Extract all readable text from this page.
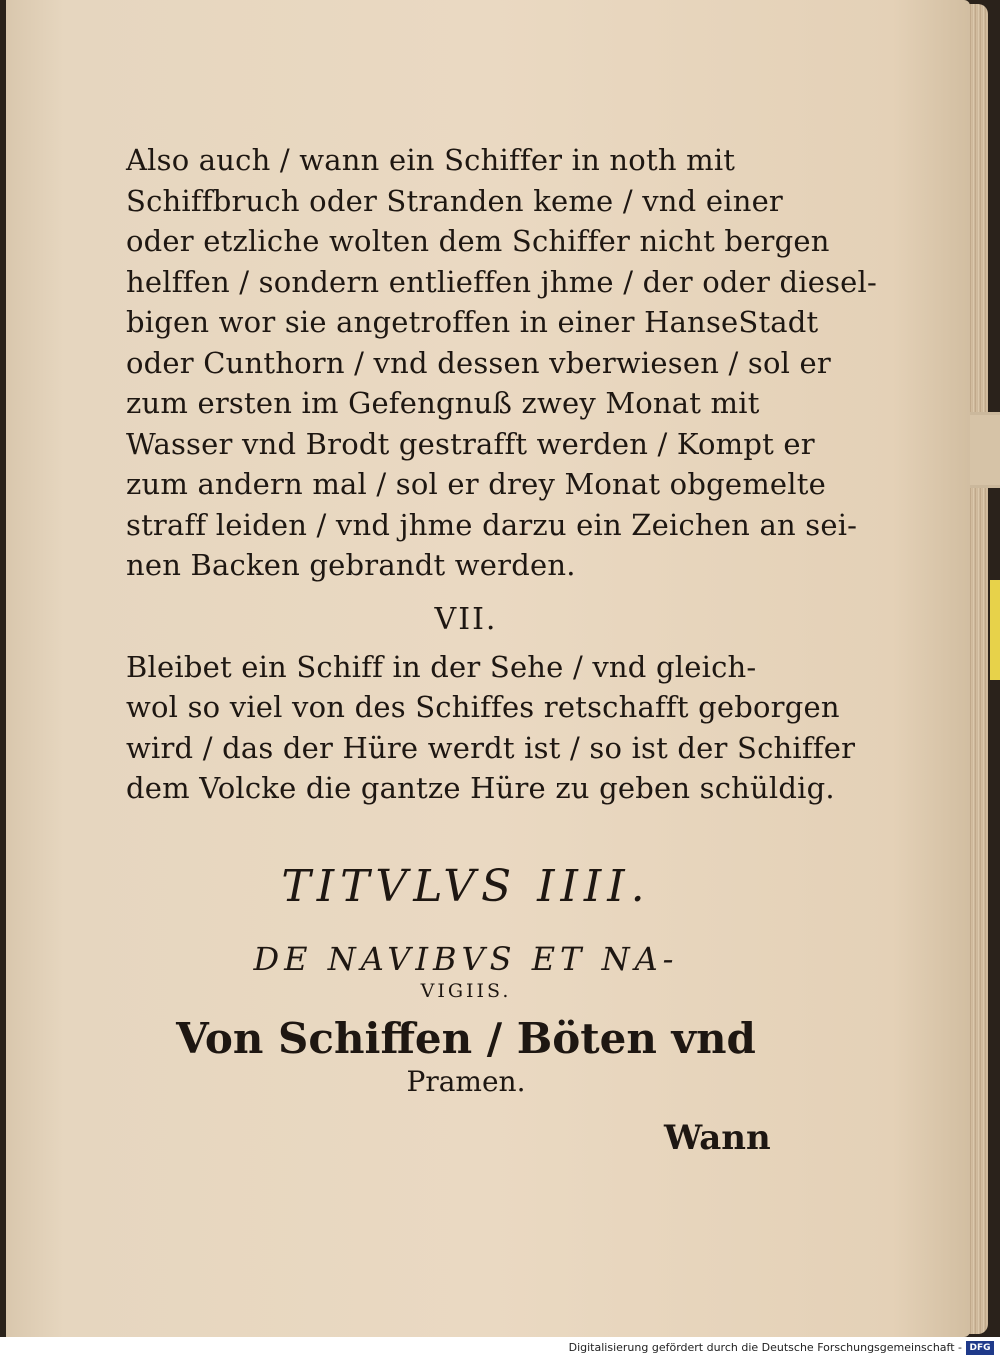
Also auch / wann ein Schiffer in noth mit
Schiffbruch oder Stranden keme / vnd einer
oder etzliche wolten dem Schiffer nicht bergen
helffen / sondern entlieffen jhme / der oder diesel-
bigen wor sie angetroffen in einer HanseStadt
oder Cunthorn / vnd dessen vberwiesen / sol er
zum ersten im Gefengnuß zwey Monat mit
Wasser vnd Brodt gestrafft werden / Kompt er
zum andern mal / sol er drey Monat obgemelte
straff leiden / vnd jhme darzu ein Zeichen an sei-
nen Backen gebrandt werden.
VII.
Bleibet ein Schiff in der Sehe / vnd gleich-
wol so viel von des Schiffes retschafft geborgen
wird / das der Hüre werdt ist / so ist der Schiffer
dem Volcke die gantze Hüre zu geben schüldig.
TITVLVS IIII.
DE NAVIBVS ET NA-
VIGIIS.
Von Schiffen / Böten vnd
Pramen.
Wann
Digitalisierung gefördert durch die Deutsche Forschungsgemeinschaft - DFG
